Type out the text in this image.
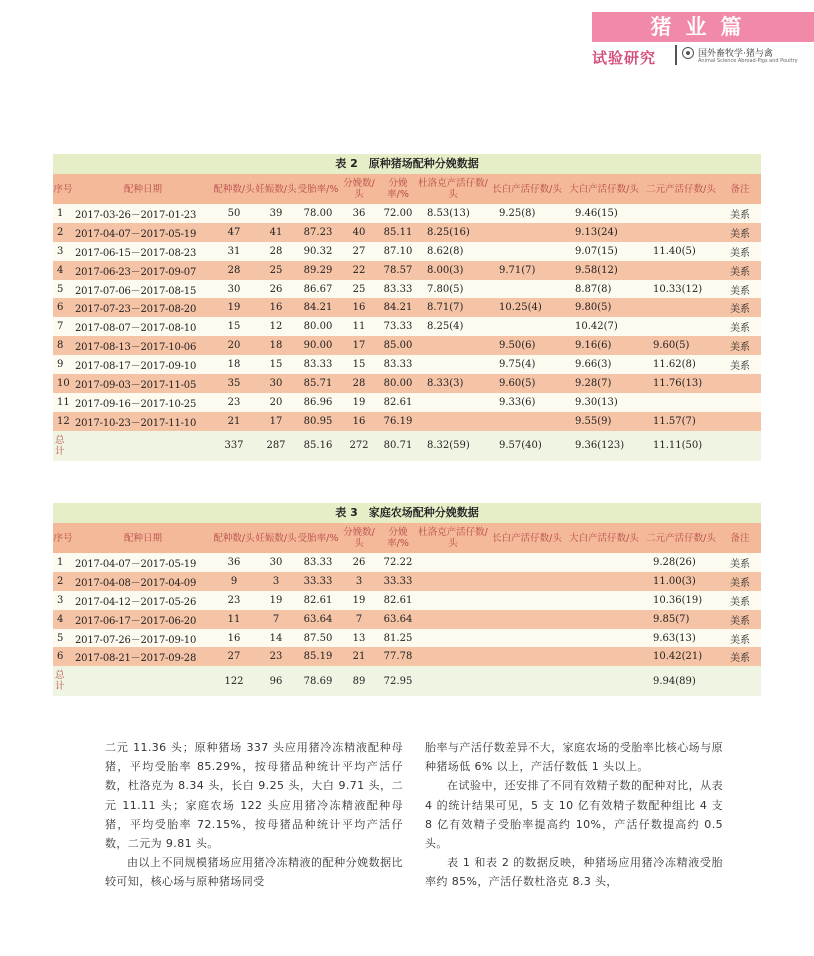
猪业篇
试验研究	国外畜牧学·猪与禽
Animal Science Abroad-Pigs and Poultry
表 2　原种猪场配种分娩数据
序号	配种日期	配种数/头	妊娠数/头	受胎率/%	分娩数/头	分娩率/%	杜洛克产活仔数/头	长白产活仔数/头	大白产活仔数/头	二元产活仔数/头	备注
1	2017-03-26－2017-01-23	50	39	78.00	36	72.00	8.53(13)	9.25(8)	9.46(15)		美系
2	2017-04-07－2017-05-19	47	41	87.23	40	85.11	8.25(16)		9.13(24)		美系
3	2017-06-15－2017-08-23	31	28	90.32	27	87.10	8.62(8)		9.07(15)	11.40(5)	美系
4	2017-06-23－2017-09-07	28	25	89.29	22	78.57	8.00(3)	9.71(7)	9.58(12)		美系
5	2017-07-06－2017-08-15	30	26	86.67	25	83.33	7.80(5)		8.87(8)	10.33(12)	美系
6	2017-07-23－2017-08-20	19	16	84.21	16	84.21	8.71(7)	10.25(4)	9.80(5)		美系
7	2017-08-07－2017-08-10	15	12	80.00	11	73.33	8.25(4)		10.42(7)		美系
8	2017-08-13－2017-10-06	20	18	90.00	17	85.00		9.50(6)	9.16(6)	9.60(5)	美系
9	2017-08-17－2017-09-10	18	15	83.33	15	83.33		9.75(4)	9.66(3)	11.62(8)	美系
10	2017-09-03－2017-11-05	35	30	85.71	28	80.00	8.33(3)	9.60(5)	9.28(7)	11.76(13)	
11	2017-09-16－2017-10-25	23	20	86.96	19	82.61		9.33(6)	9.30(13)		
12	2017-10-23－2017-11-10	21	17	80.95	16	76.19			9.55(9)	11.57(7)	
总计		337	287	85.16	272	80.71	8.32(59)	9.57(40)	9.36(123)	11.11(50)	
表 3　家庭农场配种分娩数据
序号	配种日期	配种数/头	妊娠数/头	受胎率/%	分娩数/头	分娩率/%	杜洛克产活仔数/头	长白产活仔数/头	大白产活仔数/头	二元产活仔数/头	备注
1	2017-04-07－2017-05-19	36	30	83.33	26	72.22				9.28(26)	美系
2	2017-04-08－2017-04-09	9	3	33.33	3	33.33				11.00(3)	美系
3	2017-04-12－2017-05-26	23	19	82.61	19	82.61				10.36(19)	美系
4	2017-06-17－2017-06-20	11	7	63.64	7	63.64				9.85(7)	美系
5	2017-07-26－2017-09-10	16	14	87.50	13	81.25				9.63(13)	美系
6	2017-08-21－2017-09-28	27	23	85.19	21	77.78				10.42(21)	美系
总计		122	96	78.69	89	72.95				9.94(89)	

二元 11.36 头；原种猪场 337 头应用猪冷冻精液配种母猪，平均受胎率 85.29%，按母猪品种统计平均产活仔数，杜洛克为 8.34 头，长白 9.25 头，大白 9.71 头，二元 11.11 头；家庭农场 122 头应用猪冷冻精液配种母猪，平均受胎率 72.15%，按母猪品种统计平均产活仔数，二元为 9.81 头。

由以上不同规模猪场应用猪冷冻精液的配种分娩数据比较可知，核心场与原种猪场同受

胎率与产活仔数差异不大，家庭农场的受胎率比核心场与原种猪场低 6% 以上，产活仔数低 1 头以上。

在试验中，还安排了不同有效精子数的配种对比，从表 4 的统计结果可见，5 支 10 亿有效精子数配种组比 4 支 8 亿有效精子受胎率提高约 10%，产活仔数提高约 0.5 头。

表 1 和表 2 的数据反映，种猪场应用猪冷冻精液受胎率约 85%，产活仔数杜洛克 8.3 头，
